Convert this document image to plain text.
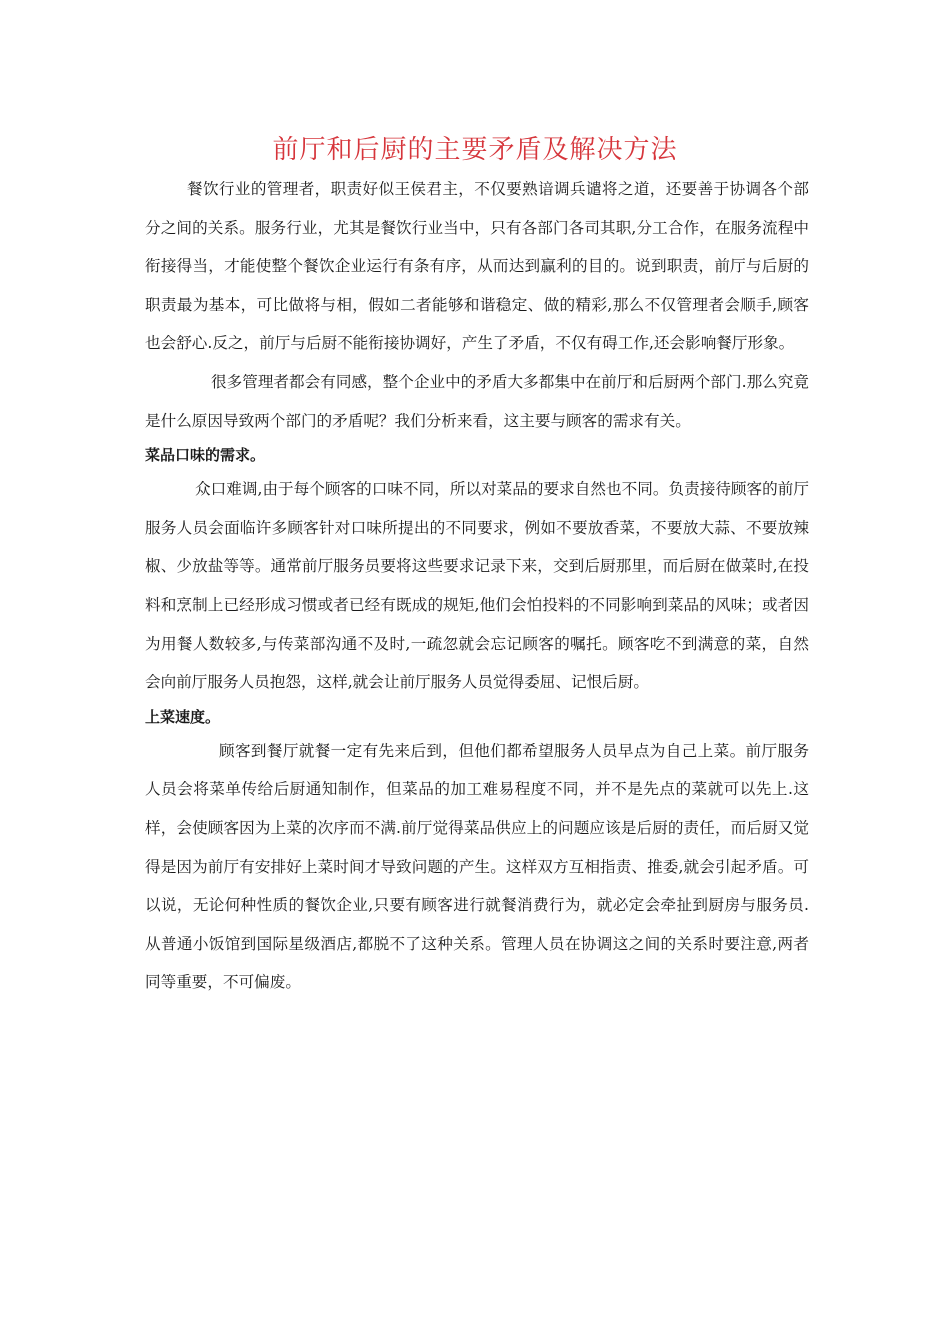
前厅和后厨的主要矛盾及解决方法

餐饮行业的管理者，职责好似王侯君主，不仅要熟谙调兵谴将之道，还要善于协调各个部分之间的关系。服务行业，尤其是餐饮行业当中，只有各部门各司其职,分工合作，在服务流程中衔接得当，才能使整个餐饮企业运行有条有序，从而达到赢利的目的。说到职责，前厅与后厨的职责最为基本，可比做将与相，假如二者能够和谐稳定、做的精彩,那么不仅管理者会顺手,顾客也会舒心.反之，前厅与后厨不能衔接协调好，产生了矛盾，不仅有碍工作,还会影响餐厅形象。

很多管理者都会有同感，整个企业中的矛盾大多都集中在前厅和后厨两个部门.那么究竟是什么原因导致两个部门的矛盾呢？我们分析来看，这主要与顾客的需求有关。

菜品口味的需求。

众口难调,由于每个顾客的口味不同，所以对菜品的要求自然也不同。负责接待顾客的前厅服务人员会面临许多顾客针对口味所提出的不同要求，例如不要放香菜，不要放大蒜、不要放辣椒、少放盐等等。通常前厅服务员要将这些要求记录下来，交到后厨那里，而后厨在做菜时,在投料和烹制上已经形成习惯或者已经有既成的规矩,他们会怕投料的不同影响到菜品的风味；或者因为用餐人数较多,与传菜部沟通不及时,一疏忽就会忘记顾客的嘱托。顾客吃不到满意的菜，自然会向前厅服务人员抱怨，这样,就会让前厅服务人员觉得委屈、记恨后厨。

上菜速度。

顾客到餐厅就餐一定有先来后到，但他们都希望服务人员早点为自己上菜。前厅服务人员会将菜单传给后厨通知制作，但菜品的加工难易程度不同，并不是先点的菜就可以先上.这样，会使顾客因为上菜的次序而不满.前厅觉得菜品供应上的问题应该是后厨的责任，而后厨又觉得是因为前厅有安排好上菜时间才导致问题的产生。这样双方互相指责、推委,就会引起矛盾。可以说，无论何种性质的餐饮企业,只要有顾客进行就餐消费行为，就必定会牵扯到厨房与服务员.从普通小饭馆到国际星级酒店,都脱不了这种关系。管理人员在协调这之间的关系时要注意,两者同等重要，不可偏废。
